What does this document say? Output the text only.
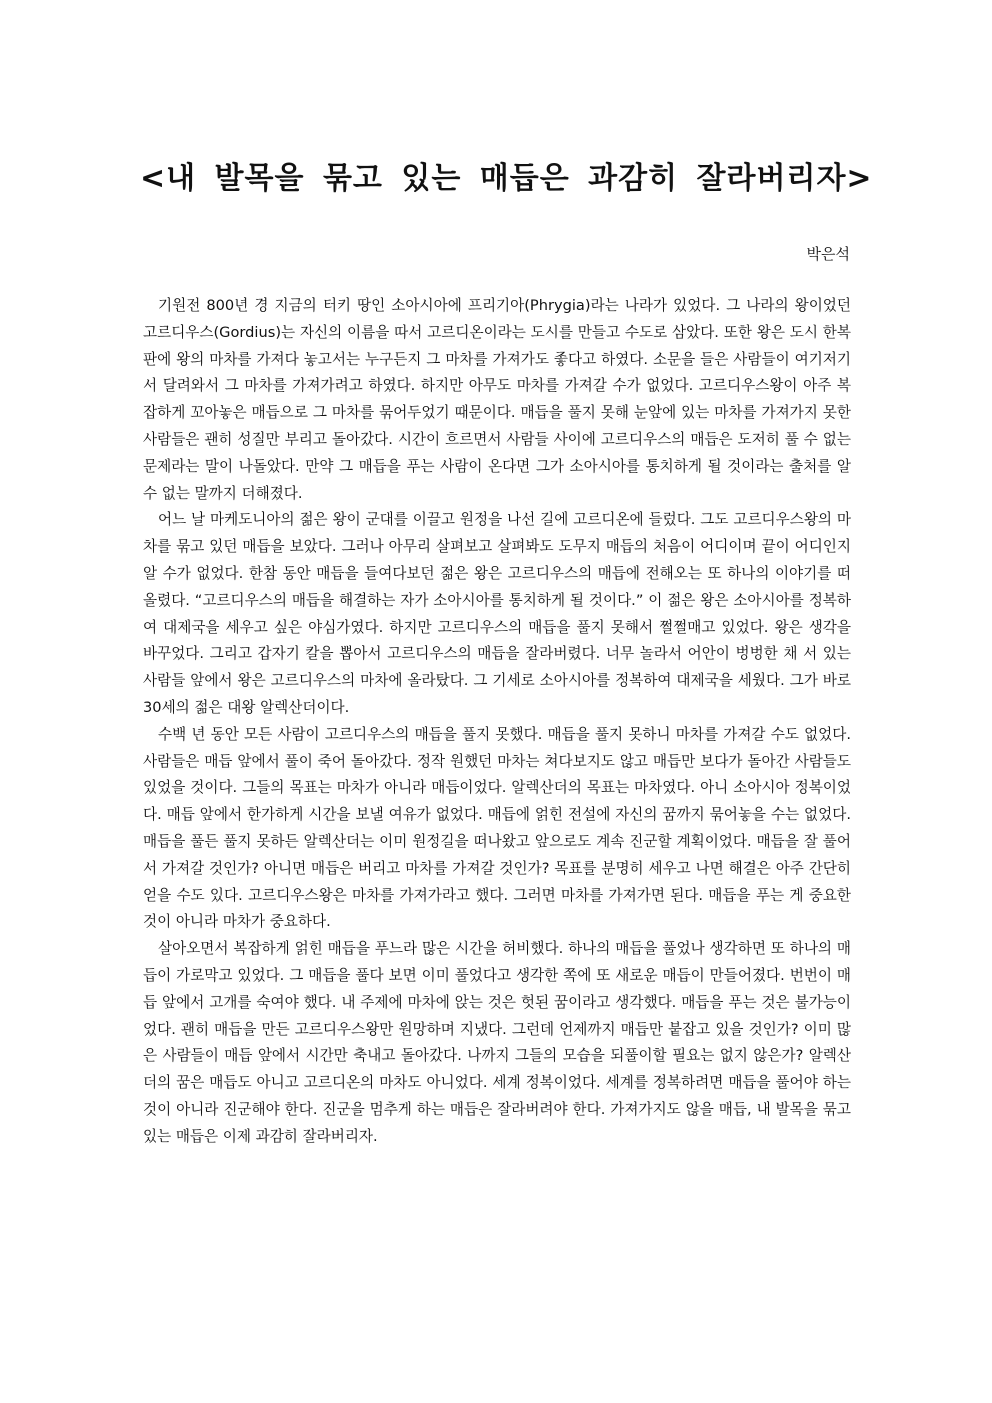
<내 발목을 묶고 있는 매듭은 과감히 잘라버리자>
박은석

기원전 800년 경 지금의 터키 땅인 소아시아에 프리기아(Phrygia)라는 나라가 있었다. 그 나라의 왕이었던 고르디우스(Gordius)는 자신의 이름을 따서 고르디온이라는 도시를 만들고 수도로 삼았다. 또한 왕은 도시 한복판에 왕의 마차를 가져다 놓고서는 누구든지 그 마차를 가져가도 좋다고 하였다. 소문을 들은 사람들이 여기저기서 달려와서 그 마차를 가져가려고 하였다. 하지만 아무도 마차를 가져갈 수가 없었다. 고르디우스왕이 아주 복잡하게 꼬아놓은 매듭으로 그 마차를 묶어두었기 때문이다. 매듭을 풀지 못해 눈앞에 있는 마차를 가져가지 못한 사람들은 괜히 성질만 부리고 돌아갔다. 시간이 흐르면서 사람들 사이에 고르디우스의 매듭은 도저히 풀 수 없는 문제라는 말이 나돌았다. 만약 그 매듭을 푸는 사람이 온다면 그가 소아시아를 통치하게 될 것이라는 출처를 알 수 없는 말까지 더해졌다.

어느 날 마케도니아의 젊은 왕이 군대를 이끌고 원정을 나선 길에 고르디온에 들렀다. 그도 고르디우스왕의 마차를 묶고 있던 매듭을 보았다. 그러나 아무리 살펴보고 살펴봐도 도무지 매듭의 처음이 어디이며 끝이 어디인지 알 수가 없었다. 한참 동안 매듭을 들여다보던 젊은 왕은 고르디우스의 매듭에 전해오는 또 하나의 이야기를 떠올렸다. “고르디우스의 매듭을 해결하는 자가 소아시아를 통치하게 될 것이다.” 이 젊은 왕은 소아시아를 정복하여 대제국을 세우고 싶은 야심가였다. 하지만 고르디우스의 매듭을 풀지 못해서 쩔쩔매고 있었다. 왕은 생각을 바꾸었다. 그리고 갑자기 칼을 뽑아서 고르디우스의 매듭을 잘라버렸다. 너무 놀라서 어안이 벙벙한 채 서 있는 사람들 앞에서 왕은 고르디우스의 마차에 올라탔다. 그 기세로 소아시아를 정복하여 대제국을 세웠다. 그가 바로 30세의 젊은 대왕 알렉산더이다.

수백 년 동안 모든 사람이 고르디우스의 매듭을 풀지 못했다. 매듭을 풀지 못하니 마차를 가져갈 수도 없었다. 사람들은 매듭 앞에서 풀이 죽어 돌아갔다. 정작 원했던 마차는 쳐다보지도 않고 매듭만 보다가 돌아간 사람들도 있었을 것이다. 그들의 목표는 마차가 아니라 매듭이었다. 알렉산더의 목표는 마차였다. 아니 소아시아 정복이었다. 매듭 앞에서 한가하게 시간을 보낼 여유가 없었다. 매듭에 얽힌 전설에 자신의 꿈까지 묶어놓을 수는 없었다. 매듭을 풀든 풀지 못하든 알렉산더는 이미 원정길을 떠나왔고 앞으로도 계속 진군할 계획이었다. 매듭을 잘 풀어서 가져갈 것인가? 아니면 매듭은 버리고 마차를 가져갈 것인가? 목표를 분명히 세우고 나면 해결은 아주 간단히 얻을 수도 있다. 고르디우스왕은 마차를 가져가라고 했다. 그러면 마차를 가져가면 된다. 매듭을 푸는 게 중요한 것이 아니라 마차가 중요하다.

살아오면서 복잡하게 얽힌 매듭을 푸느라 많은 시간을 허비했다. 하나의 매듭을 풀었나 생각하면 또 하나의 매듭이 가로막고 있었다. 그 매듭을 풀다 보면 이미 풀었다고 생각한 쪽에 또 새로운 매듭이 만들어졌다. 번번이 매듭 앞에서 고개를 숙여야 했다. 내 주제에 마차에 앉는 것은 헛된 꿈이라고 생각했다. 매듭을 푸는 것은 불가능이었다. 괜히 매듭을 만든 고르디우스왕만 원망하며 지냈다. 그런데 언제까지 매듭만 붙잡고 있을 것인가? 이미 많은 사람들이 매듭 앞에서 시간만 축내고 돌아갔다. 나까지 그들의 모습을 되풀이할 필요는 없지 않은가? 알렉산더의 꿈은 매듭도 아니고 고르디온의 마차도 아니었다. 세계 정복이었다. 세계를 정복하려면 매듭을 풀어야 하는 것이 아니라 진군해야 한다. 진군을 멈추게 하는 매듭은 잘라버려야 한다. 가져가지도 않을 매듭, 내 발목을 묶고 있는 매듭은 이제 과감히 잘라버리자.
